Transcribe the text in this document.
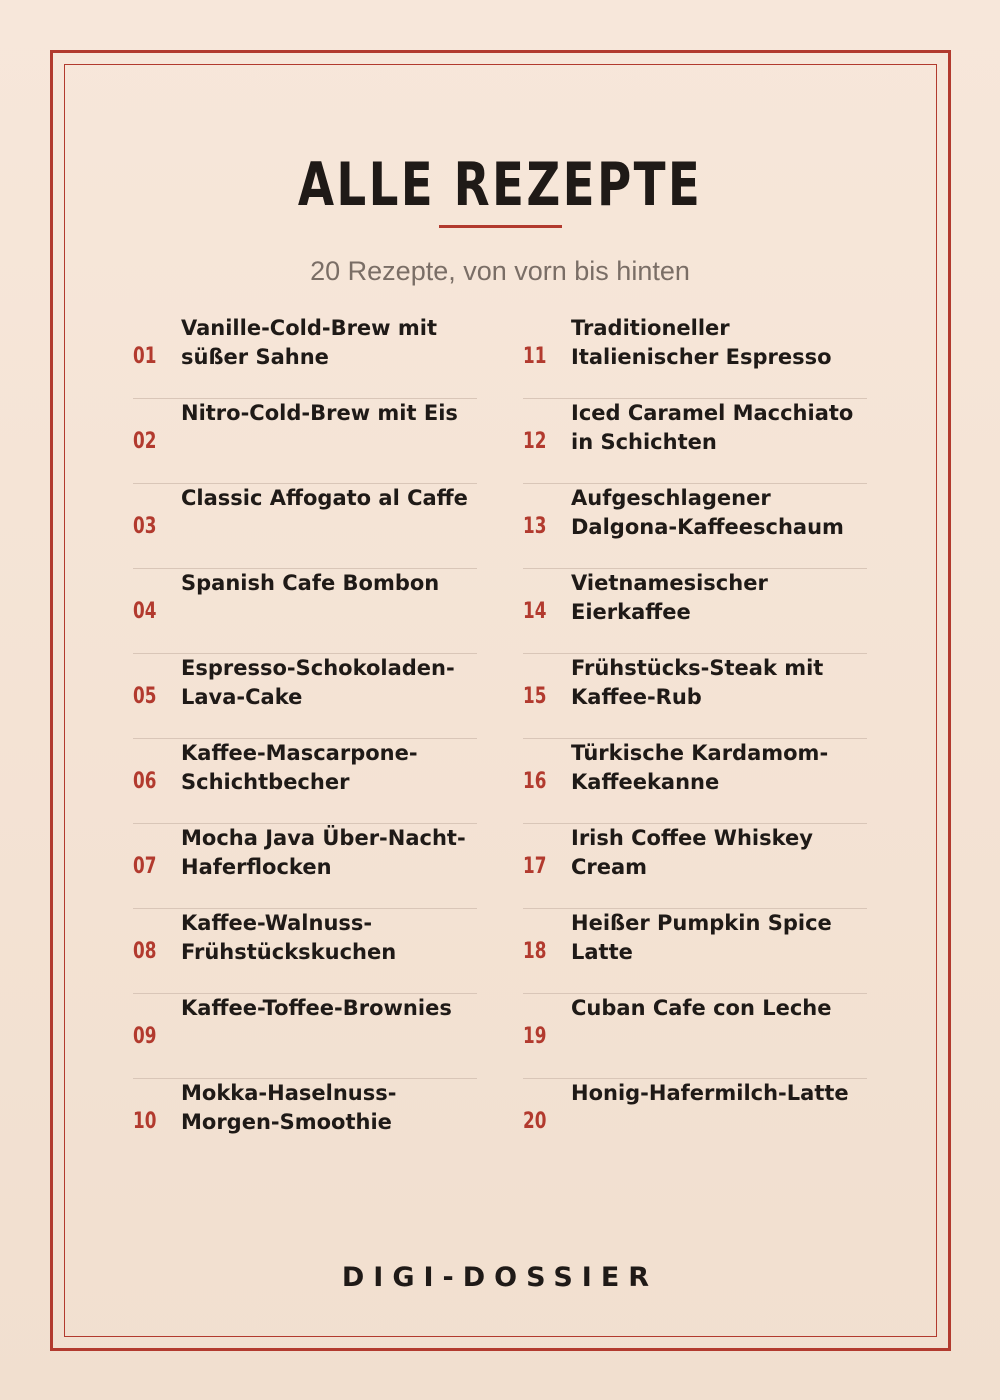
ALLE REZEPTE
20 Rezepte, von vorn bis hinten
01
Vanille-Cold-Brew mit süßer Sahne
02
Nitro-Cold-Brew mit Eis
03
Classic Affogato al Caffe
04
Spanish Cafe Bombon
05
Espresso-Schokoladen-Lava-Cake
06
Kaffee-Mascarpone-Schichtbecher
07
Mocha Java Über-Nacht-Haferflocken
08
Kaffee-Walnuss-Frühstückskuchen
09
Kaffee-Toffee-Brownies
10
Mokka-Haselnuss-Morgen-Smoothie
11
Traditioneller Italienischer Espresso
12
Iced Caramel Macchiato in Schichten
13
Aufgeschlagener Dalgona-Kaffeeschaum
14
Vietnamesischer Eierkaffee
15
Frühstücks-Steak mit Kaffee-Rub
16
Türkische Kardamom-Kaffeekanne
17
Irish Coffee Whiskey Cream
18
Heißer Pumpkin Spice Latte
19
Cuban Cafe con Leche
20
Honig-Hafermilch-Latte
DIGI-DOSSIER
